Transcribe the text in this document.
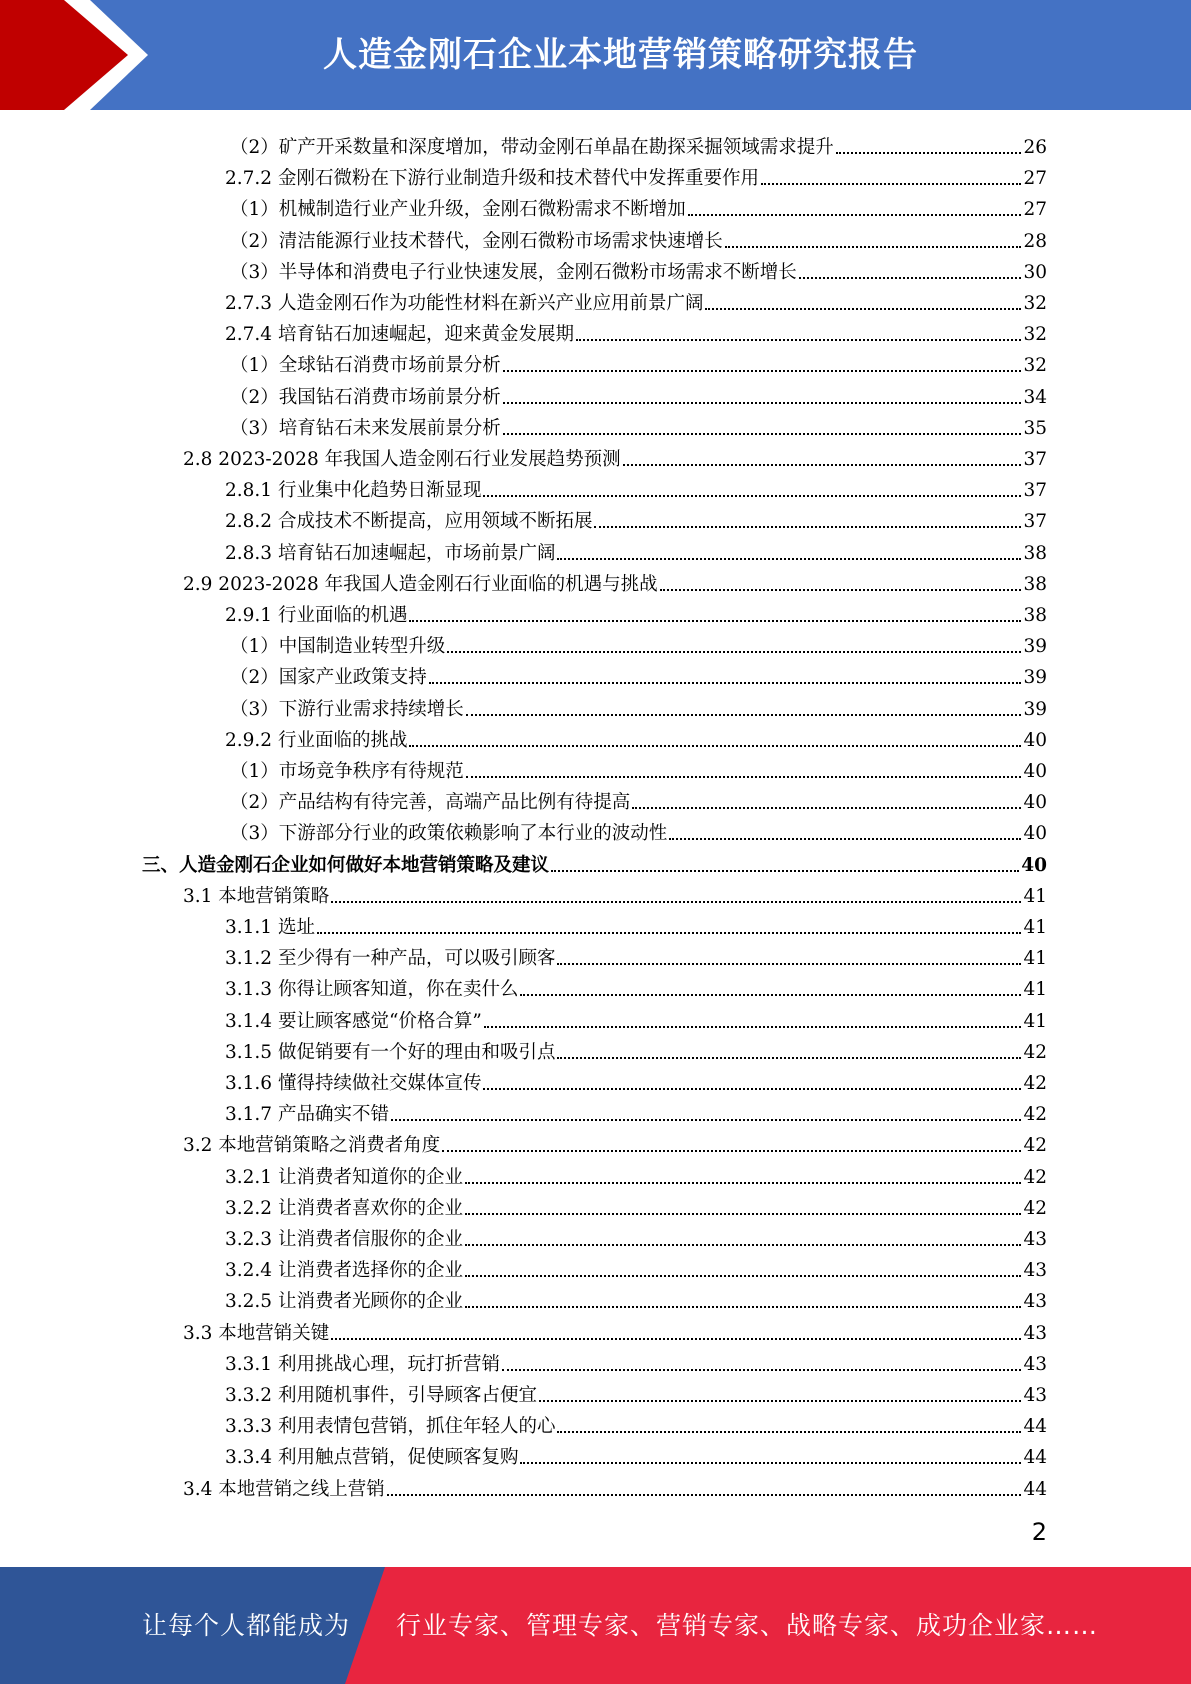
人造金刚石企业本地营销策略研究报告
（2）矿产开采数量和深度增加，带动金刚石单晶在勘探采掘领域需求提升	26
2.7.2 金刚石微粉在下游行业制造升级和技术替代中发挥重要作用	27
（1）机械制造行业产业升级，金刚石微粉需求不断增加	27
（2）清洁能源行业技术替代，金刚石微粉市场需求快速增长	28
（3）半导体和消费电子行业快速发展，金刚石微粉市场需求不断增长	30
2.7.3 人造金刚石作为功能性材料在新兴产业应用前景广阔	32
2.7.4 培育钻石加速崛起，迎来黄金发展期	32
（1）全球钻石消费市场前景分析	32
（2）我国钻石消费市场前景分析	34
（3）培育钻石未来发展前景分析	35
2.8 2023-2028 年我国人造金刚石行业发展趋势预测	37
2.8.1 行业集中化趋势日渐显现	37
2.8.2 合成技术不断提高，应用领域不断拓展	37
2.8.3 培育钻石加速崛起，市场前景广阔	38
2.9 2023-2028 年我国人造金刚石行业面临的机遇与挑战	38
2.9.1 行业面临的机遇	38
（1）中国制造业转型升级	39
（2）国家产业政策支持	39
（3）下游行业需求持续增长	39
2.9.2 行业面临的挑战	40
（1）市场竞争秩序有待规范	40
（2）产品结构有待完善，高端产品比例有待提高	40
（3）下游部分行业的政策依赖影响了本行业的波动性	40
三、人造金刚石企业如何做好本地营销策略及建议	40
3.1 本地营销策略	41
3.1.1 选址	41
3.1.2 至少得有一种产品，可以吸引顾客	41
3.1.3 你得让顾客知道，你在卖什么	41
3.1.4 要让顾客感觉“价格合算”	41
3.1.5 做促销要有一个好的理由和吸引点	42
3.1.6 懂得持续做社交媒体宣传	42
3.1.7 产品确实不错	42
3.2 本地营销策略之消费者角度	42
3.2.1 让消费者知道你的企业	42
3.2.2 让消费者喜欢你的企业	42
3.2.3 让消费者信服你的企业	43
3.2.4 让消费者选择你的企业	43
3.2.5 让消费者光顾你的企业	43
3.3 本地营销关键	43
3.3.1 利用挑战心理，玩打折营销	43
3.3.2 利用随机事件，引导顾客占便宜	43
3.3.3 利用表情包营销，抓住年轻人的心	44
3.3.4 利用触点营销，促使顾客复购	44
3.4 本地营销之线上营销	44
2
让每个人都能成为 行业专家、管理专家、营销专家、战略专家、成功企业家……
